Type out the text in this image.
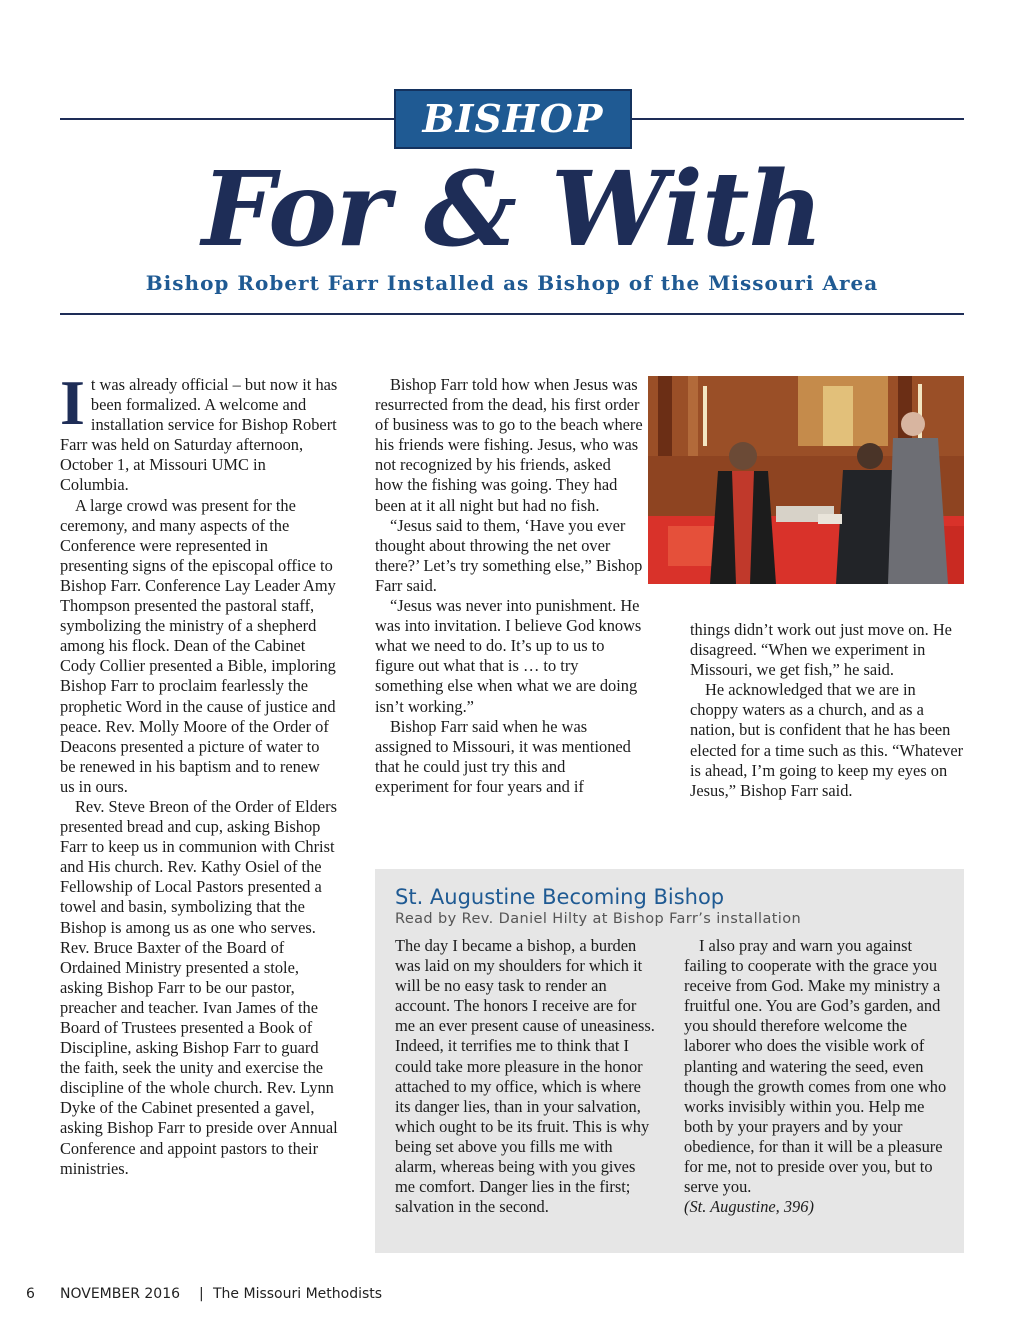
BISHOP
For & With
Bishop Robert Farr Installed as Bishop of the Missouri Area
I t was already official – but now it has been formalized. A welcome and installation service for Bishop Robert Farr was held on Saturday afternoon, October 1, at Missouri UMC in Columbia.

A large crowd was present for the ceremony, and many aspects of the Conference were represented in presenting signs of the episcopal office to Bishop Farr. Conference Lay Leader Amy Thompson presented the pastoral staff, symbolizing the ministry of a shepherd among his flock. Dean of the Cabinet Cody Collier presented a Bible, imploring Bishop Farr to proclaim fearlessly the prophetic Word in the cause of justice and peace. Rev. Molly Moore of the Order of Deacons presented a picture of water to be renewed in his baptism and to renew us in ours.

Rev. Steve Breon of the Order of Elders presented bread and cup, asking Bishop Farr to keep us in communion with Christ and His church. Rev. Kathy Osiel of the Fellowship of Local Pastors presented a towel and basin, symbolizing that the Bishop is among us as one who serves. Rev. Bruce Baxter of the Board of Ordained Ministry presented a stole, asking Bishop Farr to be our pastor, preacher and teacher. Ivan James of the Board of Trustees presented a Book of Discipline, asking Bishop Farr to guard the faith, seek the unity and exercise the discipline of the whole church. Rev. Lynn Dyke of the Cabinet presented a gavel, asking Bishop Farr to preside over Annual Conference and appoint pastors to their ministries.

Bishop Farr told how when Jesus was resurrected from the dead, his first order of business was to go to the beach where his friends were fishing. Jesus, who was not recognized by his friends, asked how the fishing was going. They had been at it all night but had no fish.

“Jesus said to them, ‘Have you ever thought about throwing the net over there?’ Let’s try something else,” Bishop Farr said.

“Jesus was never into punishment. He was into invitation. I believe God knows what we need to do. It’s up to us to figure out what that is … to try something else when what we are doing isn’t working.”

Bishop Farr said when he was assigned to Missouri, it was mentioned that he could just try this and experiment for four years and if

things didn’t work out just move on. He disagreed. “When we experiment in Missouri, we get fish,” he said.

He acknowledged that we are in choppy waters as a church, and as a nation, but is confident that he has been elected for a time such as this. “Whatever is ahead, I’m going to keep my eyes on Jesus,” Bishop Farr said.

St. Augustine Becoming Bishop
Read by Rev. Daniel Hilty at Bishop Farr’s installation

The day I became a bishop, a burden was laid on my shoulders for which it will be no easy task to render an account. The honors I receive are for me an ever present cause of uneasiness. Indeed, it terrifies me to think that I could take more pleasure in the honor attached to my office, which is where its danger lies, than in your salvation, which ought to be its fruit. This is why being set above you fills me with alarm, whereas being with you gives me comfort. Danger lies in the first; salvation in the second.

I also pray and warn you against failing to cooperate with the grace you receive from God. Make my ministry a fruitful one. You are God’s garden, and you should therefore welcome the laborer who does the visible work of planting and watering the seed, even though the growth comes from one who works invisibly within you. Help me both by your prayers and by your obedience, for than it will be a pleasure for me, not to preside over you, but to serve you.

(St. Augustine, 396)

6 NOVEMBER 2016 | The Missouri Methodists
